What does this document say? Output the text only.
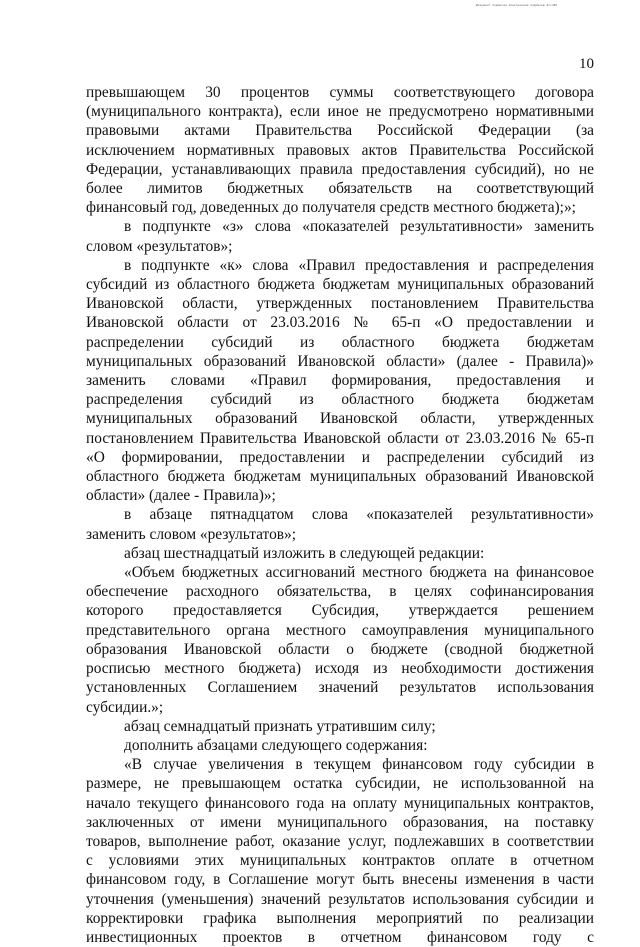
Документ подписан электронной подписью 4ccd5b
10

превышающем 30 процентов суммы соответствующего договора

(муниципального контракта), если иное не предусмотрено нормативными

правовыми актами Правительства Российской Федерации (за

исключением нормативных правовых актов Правительства Российской

Федерации, устанавливающих правила предоставления субсидий), но не

более лимитов бюджетных обязательств на соответствующий

финансовый год, доведенных до получателя средств местного бюджета);»;

в подпункте «з» слова «показателей результативности» заменить

словом «результатов»;

в подпункте «к» слова «Правил предоставления и распределения

субсидий из областного бюджета бюджетам муниципальных образований

Ивановской области, утвержденных постановлением Правительства

Ивановской области от 23.03.2016 № 65-п «О предоставлении и

распределении субсидий из областного бюджета бюджетам

муниципальных образований Ивановской области» (далее - Правила)»

заменить словами «Правил формирования, предоставления и

распределения субсидий из областного бюджета бюджетам

муниципальных образований Ивановской области, утвержденных

постановлением Правительства Ивановской области от 23.03.2016 № 65-п

«О формировании, предоставлении и распределении субсидий из

областного бюджета бюджетам муниципальных образований Ивановской

области» (далее - Правила)»;

в абзаце пятнадцатом слова «показателей результативности»

заменить словом «результатов»;

абзац шестнадцатый изложить в следующей редакции:

«Объем бюджетных ассигнований местного бюджета на финансовое

обеспечение расходного обязательства, в целях софинансирования

которого предоставляется Субсидия, утверждается решением

представительного органа местного самоуправления муниципального

образования Ивановской области о бюджете (сводной бюджетной

росписью местного бюджета) исходя из необходимости достижения

установленных Соглашением значений результатов использования

субсидии.»;

абзац семнадцатый признать утратившим силу;

дополнить абзацами следующего содержания:

«В случае увеличения в текущем финансовом году субсидии в

размере, не превышающем остатка субсидии, не использованной на

начало текущего финансового года на оплату муниципальных контрактов,

заключенных от имени муниципального образования, на поставку

товаров, выполнение работ, оказание услуг, подлежавших в соответствии

с условиями этих муниципальных контрактов оплате в отчетном

финансовом году, в Соглашение могут быть внесены изменения в части

уточнения (уменьшения) значений результатов использования субсидии и

корректировки графика выполнения мероприятий по реализации

инвестиционных проектов в отчетном финансовом году с
